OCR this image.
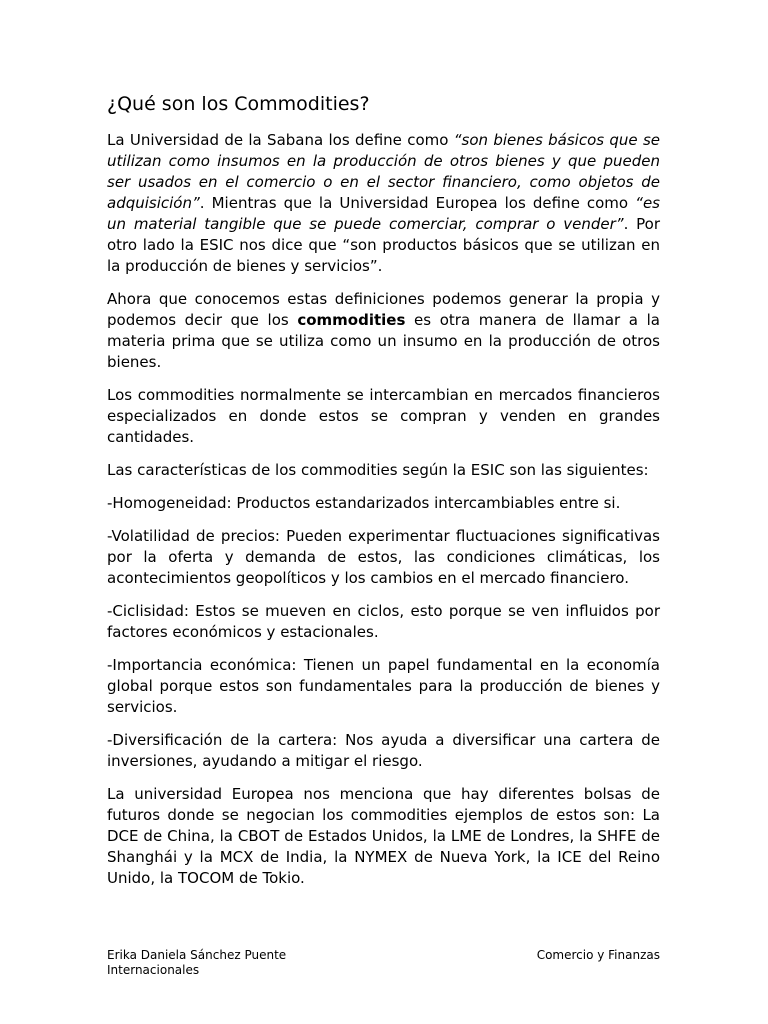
¿Qué son los Commodities?

La Universidad de la Sabana los define como “son bienes básicos que se utilizan como insumos en la producción de otros bienes y que pueden ser usados en el comercio o en el sector financiero, como objetos de adquisición”. Mientras que la Universidad Europea los define como “es un material tangible que se puede comerciar, comprar o vender”. Por otro lado la ESIC nos dice que “son productos básicos que se utilizan en la producción de bienes y servicios”.

Ahora que conocemos estas definiciones podemos generar la propia y podemos decir que los commodities es otra manera de llamar a la materia prima que se utiliza como un insumo en la producción de otros bienes.

Los commodities normalmente se intercambian en mercados financieros especializados en donde estos se compran y venden en grandes cantidades.

Las características de los commodities según la ESIC son las siguientes:

-Homogeneidad: Productos estandarizados intercambiables entre si.

-Volatilidad de precios: Pueden experimentar fluctuaciones significativas por la oferta y demanda de estos, las condiciones climáticas, los acontecimientos geopolíticos y los cambios en el mercado financiero.

-Ciclisidad: Estos se mueven en ciclos, esto porque se ven influidos por factores económicos y estacionales.

-Importancia económica: Tienen un papel fundamental en la economía global porque estos son fundamentales para la producción de bienes y servicios.

-Diversificación de la cartera: Nos ayuda a diversificar una cartera de inversiones, ayudando a mitigar el riesgo.

La universidad Europea nos menciona que hay diferentes bolsas de futuros donde se negocian los commodities ejemplos de estos son: La DCE de China, la CBOT de Estados Unidos, la LME de Londres, la SHFE de Shanghái y la MCX de India, la NYMEX de Nueva York, la ICE del Reino Unido, la TOCOM de Tokio.

Erika Daniela Sánchez Puente
Internacionales
Comercio y Finanzas
